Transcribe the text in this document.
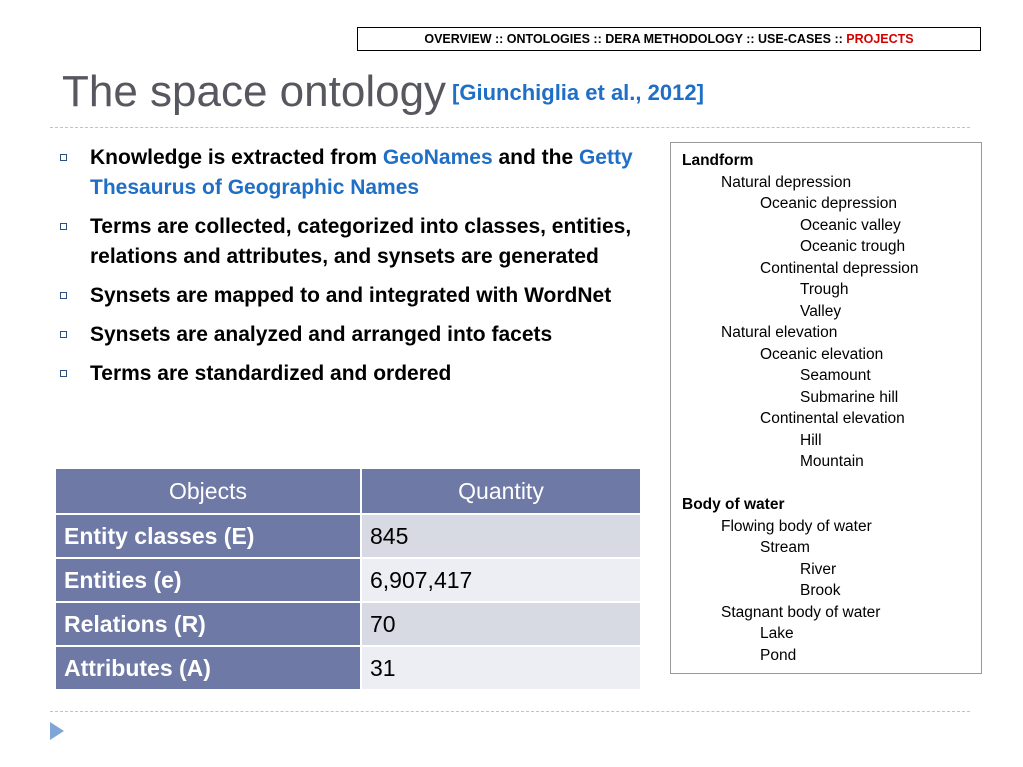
OVERVIEW :: ONTOLOGIES :: DERA METHODOLOGY :: USE-CASES :: PROJECTS
The space ontology [Giunchiglia et al., 2012]
Knowledge is extracted from GeoNames and the Getty Thesaurus of Geographic Names
Terms are collected, categorized into classes, entities, relations and attributes, and synsets are generated
Synsets are mapped to and integrated with WordNet
Synsets are analyzed and arranged into facets
Terms are standardized and ordered
Objects	Quantity
Entity classes (E)	845
Entities (e)	6,907,417
Relations (R)	70
Attributes (A)	31
Landform
Natural depression
Oceanic depression
Oceanic valley
Oceanic trough
Continental depression
Trough
Valley
Natural elevation
Oceanic elevation
Seamount
Submarine hill
Continental elevation
Hill
Mountain
Body of water
Flowing body of water
Stream
River
Brook
Stagnant body of water
Lake
Pond
